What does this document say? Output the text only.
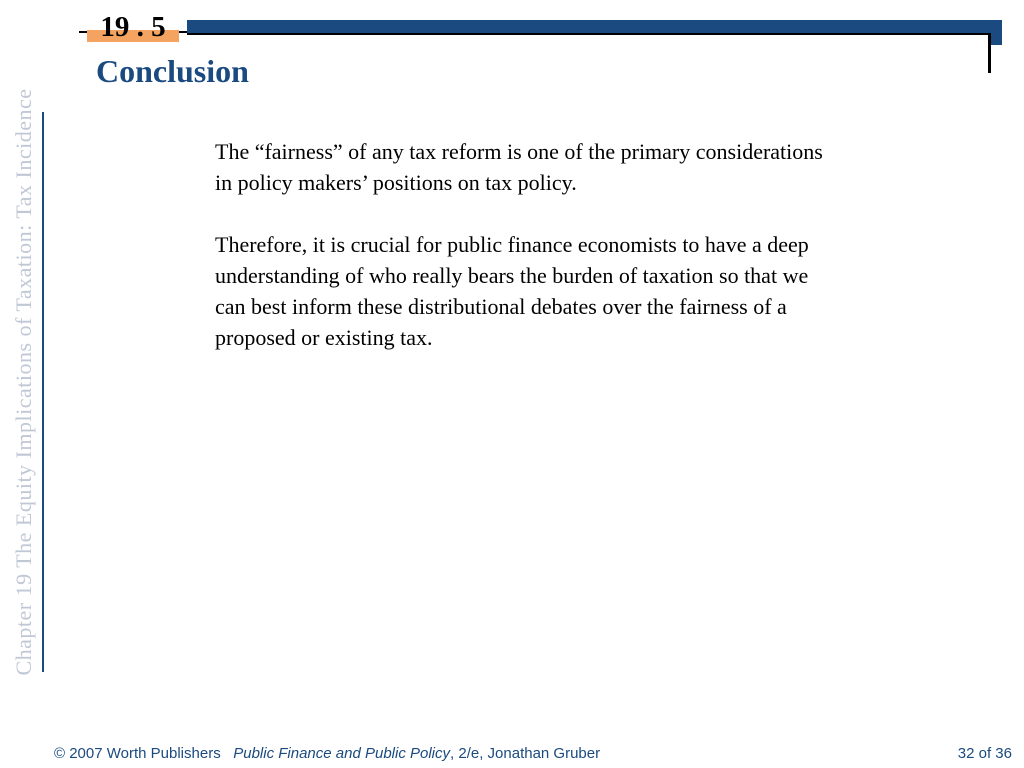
19 . 5
Conclusion
Chapter 19 The Equity Implications of Taxation: Tax Incidence	The “fairness” of any tax reform is one of the primary considerations in policy makers’ positions on tax policy.

Therefore, it is crucial for public finance economists to have a deep understanding of who really bears the burden of taxation so that we can best inform these distributional debates over the fairness of a proposed or existing tax.

© 2007 Worth Publishers Public Finance and Public Policy, 2/e, Jonathan Gruber	32 of 36
